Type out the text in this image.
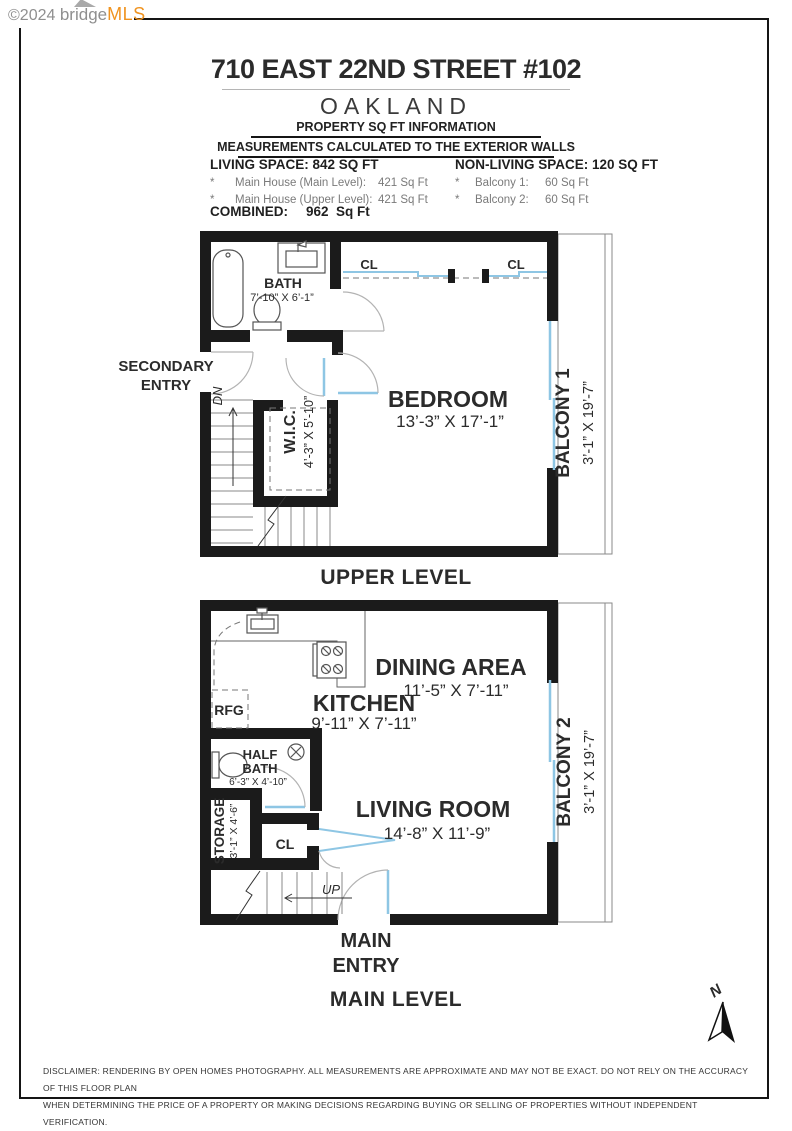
©2024 bridgeMLS
710 EAST 22ND STREET #102
OAKLAND
PROPERTY SQ FT INFORMATION
MEASUREMENTS CALCULATED TO THE EXTERIOR WALLS
LIVING SPACE: 842 SQ FT
*	Main House (Main Level):	421 Sq Ft
*	Main House (Upper Level): 421 Sq Ft
NON-LIVING SPACE: 120 SQ FT
*	Balcony 1:	60 Sq Ft
*	Balcony 2:	60 Sq Ft
COMBINED: 962  Sq Ft
BATH
7’-10” X 6’-1”
CL	CL
BEDROOM
13’-3” X 17’-1”
W.I.C. 4’-3” X 5’-10”	BALCONY 1 3’-1” X 19’-7”
SECONDARY
ENTRY
DN
UPPER LEVEL
RFG	KITCHEN
9’-11” X 7’-11”
DINING AREA
11’-5” X 7’-11”
LIVING ROOM
14’-8” X 11’-9”
HALF
BATH
6’-3” X 4’-10”
STORAGE 3’-1” X 4’-6”	CL
UP
BALCONY 2 3’-1” X 19’-7”
MAIN
ENTRY
MAIN LEVEL	N
DISCLAIMER: RENDERING BY OPEN HOMES PHOTOGRAPHY. ALL MEASUREMENTS ARE APPROXIMATE AND MAY NOT BE EXACT. DO NOT RELY ON THE ACCURACY OF THIS FLOOR PLAN
WHEN DETERMINING THE PRICE OF A PROPERTY OR MAKING DECISIONS REGARDING BUYING OR SELLING OF PROPERTIES WITHOUT INDEPENDENT VERIFICATION.
